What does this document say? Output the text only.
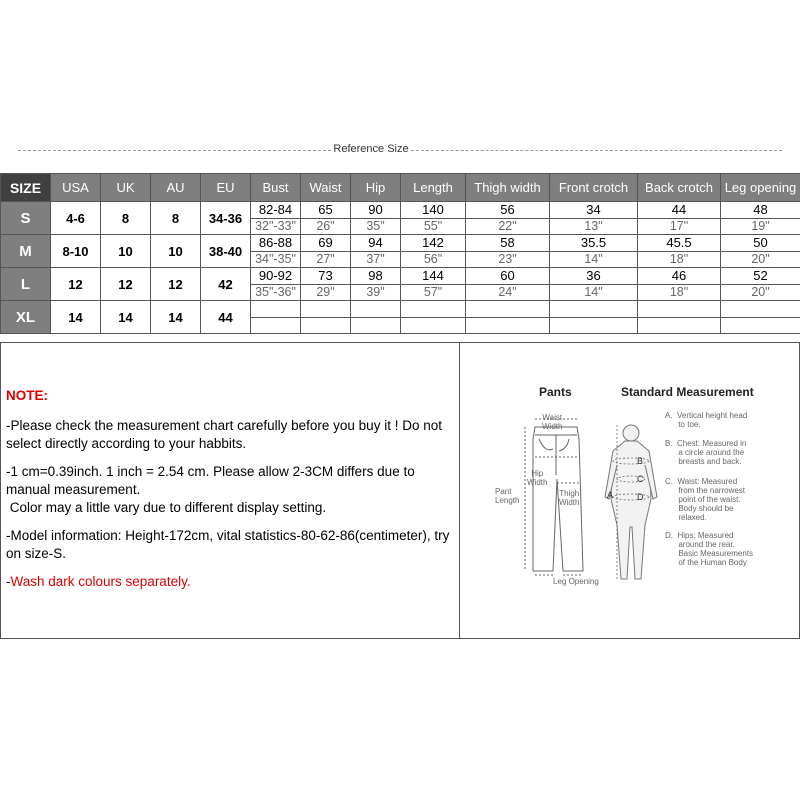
Reference Size
SIZE	USA	UK	AU	EU	Bust	Waist	Hip	Length	Thigh width	Front crotch	Back crotch	Leg opening
S	4-6	8	8	34-36	82-84	65	90	140	56	34	44	48
					32"-33"	26"	35"	55"	22"	13"	17"	19"
M	8-10	10	10	38-40	86-88	69	94	142	58	35.5	45.5	50
					34"-35"	27"	37"	56"	23"	14"	18"	20"
L	12	12	12	42	90-92	73	98	144	60	36	46	52
					35"-36"	29"	39"	57"	24"	14"	18"	20"
XL	14	14	14	44								

NOTE:

-Please check the measurement chart carefully before you buy it ! Do not select directly according to your habbits.

-1 cm=0.39inch. 1 inch = 2.54 cm. Please allow 2-3CM differs due to manual measurement.
Color may a little vary due to different display setting.

-Model information: Height-172cm, vital statistics-80-62-86(centimeter), try on size-S.

-Wash dark colours separately.

Pants	Standard Measurement
Waist
Width
Hip
Width
Pant
Length
Thigh
Width
Leg Opening
A
B
C
D
A.  Vertical height head
to toe.
B.  Chest: Measured in
a circle around the
breasts and back.
C.  Waist: Measured
from the narrowest
point of the waist.
Body should be
relaxed.
D.  Hips: Measured
around the rear.
Basic Measurements
of the Human Body
